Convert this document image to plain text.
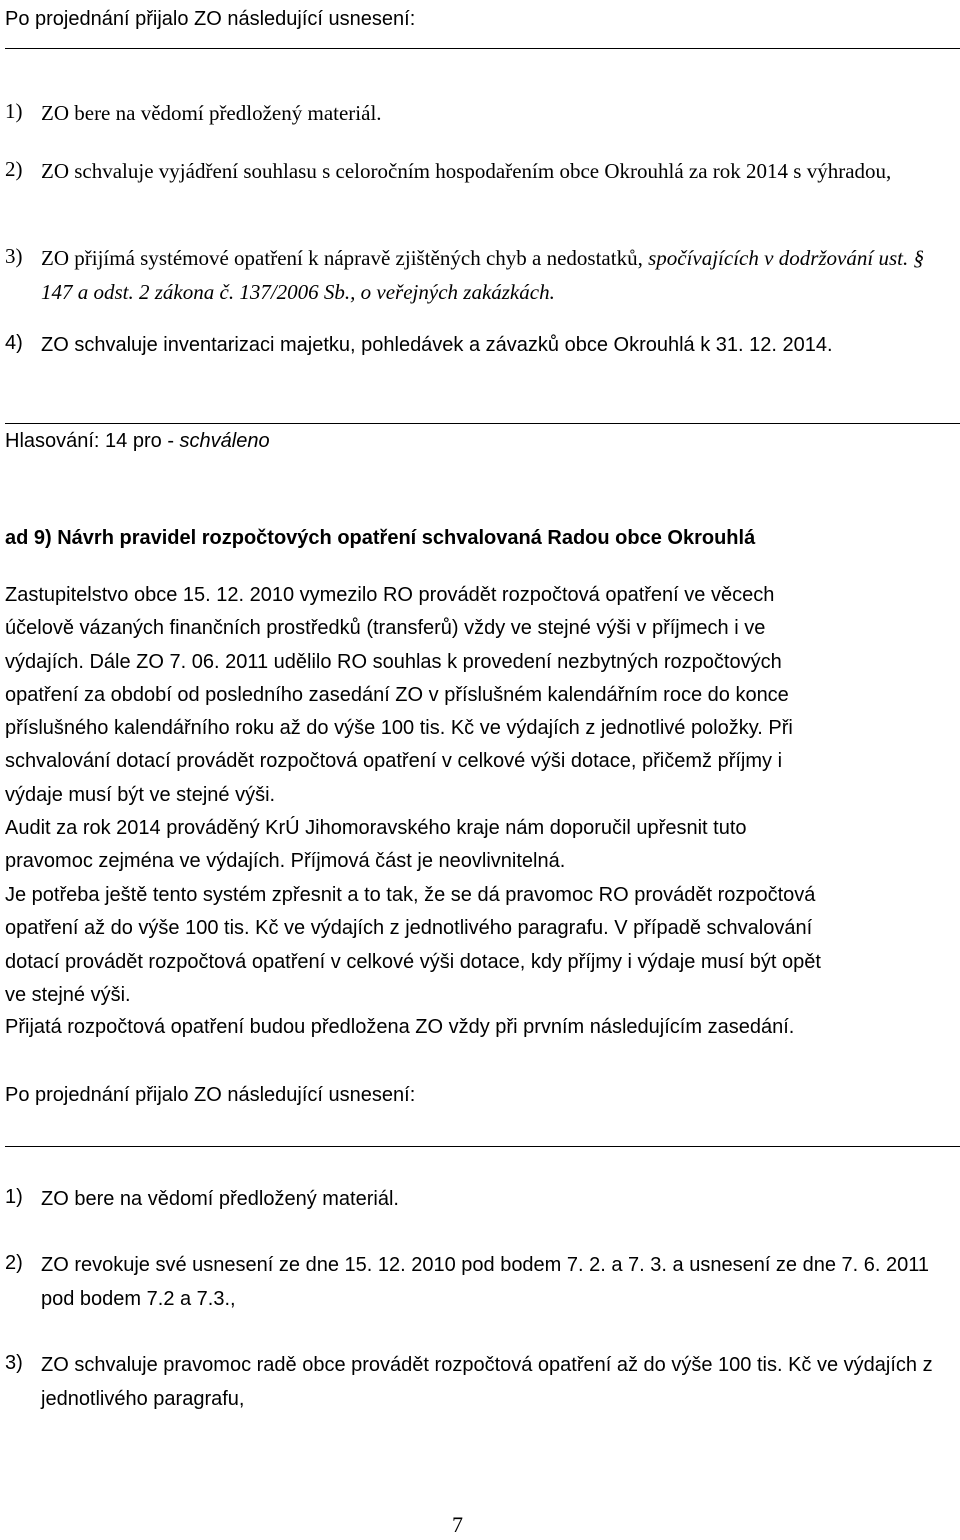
Po projednání přijalo ZO následující usnesení:

1) ZO bere na vědomí předložený materiál.
2) ZO schvaluje vyjádření souhlasu s celoročním hospodařením obce Okrouhlá za rok 2014 s výhradou,
3) ZO přijímá systémové opatření k nápravě zjištěných chyb a nedostatků, spočívajících v dodržování ust. § 147 a odst. 2 zákona č. 137/2006 Sb., o veřejných zakázkách.
4) ZO schvaluje inventarizaci majetku, pohledávek a závazků obce Okrouhlá k 31. 12. 2014.

Hlasování: 14 pro - schváleno

ad 9) Návrh pravidel rozpočtových opatření schvalovaná Radou obce Okrouhlá

Zastupitelstvo obce 15. 12. 2010 vymezilo RO provádět rozpočtová opatření ve věcech
účelově vázaných finančních prostředků (transferů) vždy ve stejné výši v příjmech i ve
výdajích. Dále ZO 7. 06. 2011 udělilo RO souhlas k provedení nezbytných rozpočtových
opatření za období od posledního zasedání ZO v příslušném kalendářním roce do konce
příslušného kalendářního roku až do výše 100 tis. Kč ve výdajích z jednotlivé položky. Při
schvalování dotací provádět rozpočtová opatření v celkové výši dotace, přičemž příjmy i
výdaje musí být ve stejné výši.
Audit za rok 2014 prováděný KrÚ Jihomoravského kraje nám doporučil upřesnit tuto
pravomoc zejména ve výdajích. Příjmová část je neovlivnitelná.
Je potřeba ještě tento systém zpřesnit a to tak, že se dá pravomoc RO provádět rozpočtová
opatření až do výše 100 tis. Kč ve výdajích z jednotlivého paragrafu. V případě schvalování
dotací provádět rozpočtová opatření v celkové výši dotace, kdy příjmy i výdaje musí být opět
ve stejné výši.

Přijatá rozpočtová opatření budou předložena ZO vždy při prvním následujícím zasedání.

Po projednání přijalo ZO následující usnesení:

1) ZO bere na vědomí předložený materiál.
2) ZO revokuje své usnesení ze dne 15. 12. 2010 pod bodem 7. 2. a 7. 3. a usnesení ze dne 7. 6. 2011 pod bodem 7.2 a 7.3.,
3) ZO schvaluje pravomoc radě obce provádět rozpočtová opatření až do výše 100 tis. Kč ve výdajích z jednotlivého paragrafu,
7
